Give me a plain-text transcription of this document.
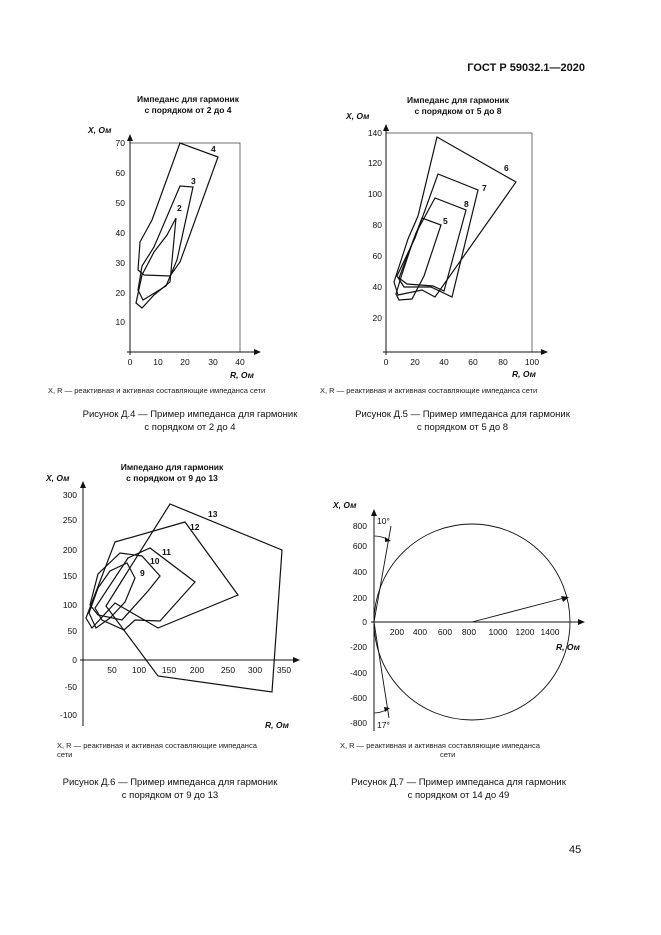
ГОСТ Р 59032.1—2020
Импеданс для гармоник
с порядком от 2 до 4
X, Ом
10
20
30
40
50
60
70
0 10 20 30 40
R, Ом
2
3
4
Импеданс для гармоник
с порядком от 5 до 8
X, Ом
20
40
60
80
100
120
140
0	20 40 60 80 100
R, Ом
5
6
7
8
X, R — реактивная и активная составляющие импеданса сети	X, R — реактивная и активная составляющие импеданса сети
Рисунок Д.4 — Пример импеданса для гармоник
с порядком от 2 до 4
Рисунок Д.5 — Пример импеданса для гармоник
с порядком от 5 до 8
Импедано для гармоник
с порядком от 9 до 13
X, Ом
300
250
200
150
100
50
0
-50
-100
50 100 150 200 250 300 350
R, Ом
9
10
11
12
13
X, Ом
800
600
400
200
0
-200
-400
-600
-800
200 400 600 800 1000 1200 1400
R, Ом
10°
17°
X, R — реактивная и активная составляющие импеданса
сети
X, R — реактивная и активная составляющие импеданса
сети
Рисунок Д.6 — Пример импеданса для гармоник
с порядком от 9 до 13
Рисунок Д.7 — Пример импеданса для гармоник
с порядком от 14 до 49
45
